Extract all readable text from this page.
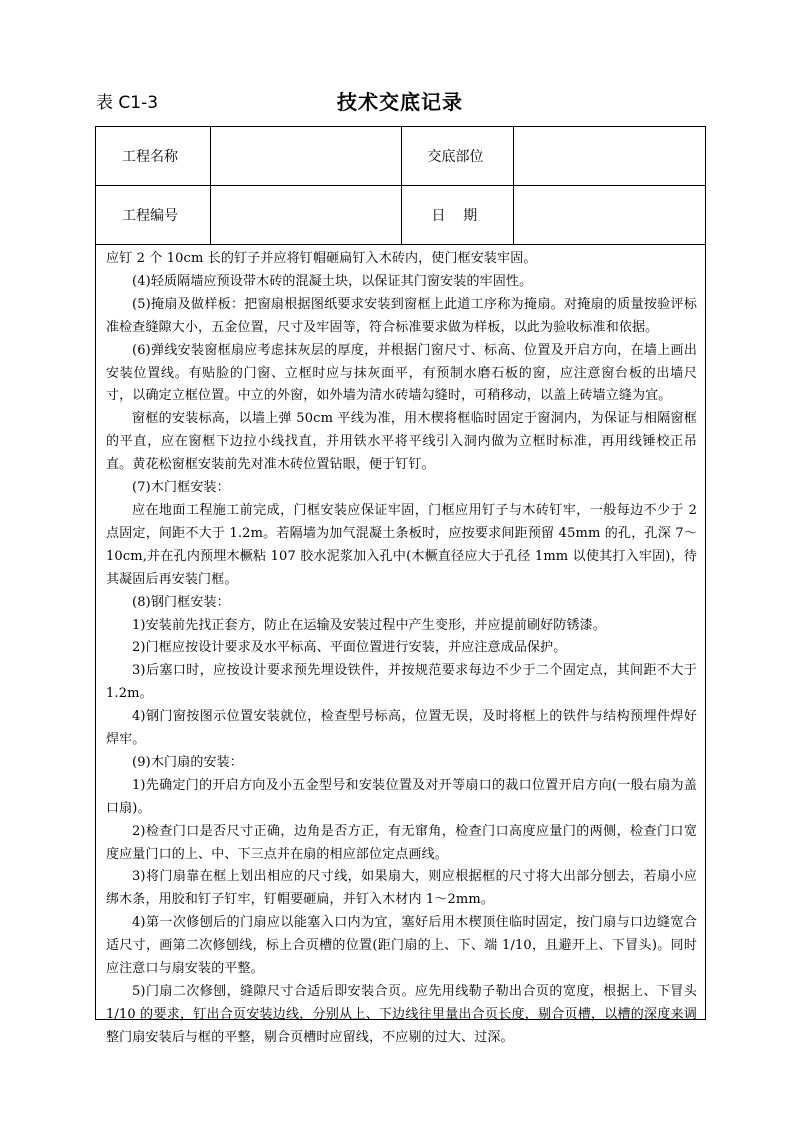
表 C1-3	技术交底记录
工程名称		交底部位	
工程编号		日    期	

应钉 2 个 10cm 长的钉子并应将钉帽砸扁钉入木砖内，使门框安装牢固。

(4)轻质隔墙应预设带木砖的混凝土块，以保证其门窗安装的牢固性。

(5)掩扇及做样板：把窗扇根据图纸要求安装到窗框上此道工序称为掩扇。对掩扇的质量按验评标准检查缝隙大小，五金位置，尺寸及牢固等，符合标准要求做为样板，以此为验收标准和依据。

(6)弹线安装窗框扇应考虑抹灰层的厚度，并根据门窗尺寸、标高、位置及开启方向，在墙上画出安装位置线。有贴脸的门窗、立框时应与抹灰面平，有预制水磨石板的窗，应注意窗台板的出墙尺寸，以确定立框位置。中立的外窗，如外墙为清水砖墙勾缝时，可稍移动，以盖上砖墙立缝为宜。

窗框的安装标高，以墙上弹 50cm 平线为准，用木楔将框临时固定于窗洞内，为保证与相隔窗框的平直，应在窗框下边拉小线找直，并用铁水平将平线引入洞内做为立框时标准，再用线锤校正吊直。黄花松窗框安装前先对准木砖位置钻眼，便于钉钉。

(7)木门框安装：

应在地面工程施工前完成，门框安装应保证牢固，门框应用钉子与木砖钉牢，一般每边不少于 2 点固定，间距不大于 1.2m。若隔墙为加气混凝土条板时，应按要求间距预留 45mm 的孔，孔深 7～10cm,并在孔内预埋木橛粘 107 胶水泥浆加入孔中(木橛直径应大于孔径 1mm 以使其打入牢固)，待其凝固后再安装门框。

(8)钢门框安装：

1)安装前先找正套方，防止在运输及安装过程中产生变形，并应提前刷好防锈漆。

2)门框应按设计要求及水平标高、平面位置进行安装，并应注意成品保护。

3)后塞口时，应按设计要求预先埋设铁件，并按规范要求每边不少于二个固定点，其间距不大于 1.2m。

4)钢门窗按图示位置安装就位，检查型号标高，位置无误，及时将框上的铁件与结构预埋件焊好焊牢。

(9)木门扇的安装：

1)先确定门的开启方向及小五金型号和安装位置及对开等扇口的裁口位置开启方向(一般右扇为盖口扇)。

2)检查门口是否尺寸正确，边角是否方正，有无窜角，检查门口高度应量门的两侧，检查门口宽度应量门口的上、中、下三点并在扇的相应部位定点画线。

3)将门扇靠在框上划出相应的尺寸线，如果扇大，则应根据框的尺寸将大出部分刨去，若扇小应绑木条，用胶和钉子钉牢，钉帽要砸扁，并钉入木材内 1～2mm。

4)第一次修刨后的门扇应以能塞入口内为宜，塞好后用木楔顶住临时固定，按门扇与口边缝宽合适尺寸，画第二次修刨线，标上合页槽的位置(距门扇的上、下、端 1/10，且避开上、下冒头)。同时应注意口与扇安装的平整。

5)门扇二次修刨，缝隙尺寸合适后即安装合页。应先用线勒子勒出合页的宽度，根据上、下冒头 1/10 的要求，钉出合页安装边线，分别从上、下边线往里量出合页长度，剔合页槽，以槽的深度来调整门扇安装后与框的平整，剔合页槽时应留线，不应剔的过大、过深。
